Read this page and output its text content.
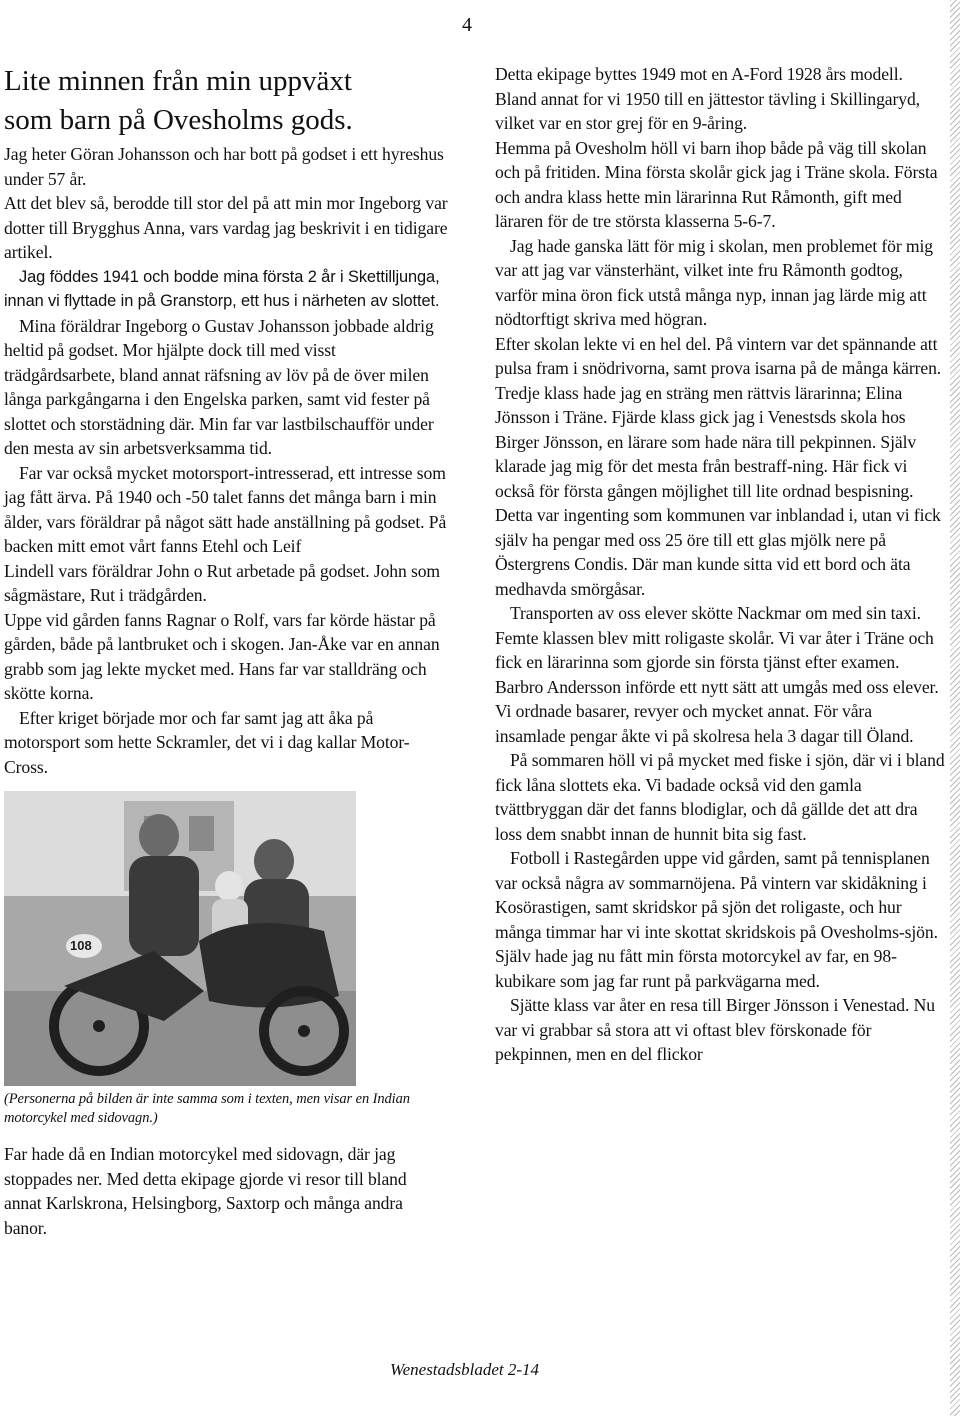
4
Lite minnen från min uppväxt
som barn på Ovesholms gods.

Jag heter Göran Johansson och har bott på godset i ett hyreshus under 57 år.

Att det blev så, berodde till stor del på att min mor Ingeborg var dotter till Brygghus Anna, vars vardag jag beskrivit i en tidigare artikel.

Jag föddes 1941 och bodde mina första 2 år i Skettilljunga, innan vi flyttade in på Granstorp, ett hus i närheten av slottet.

Mina föräldrar Ingeborg o Gustav Johansson jobbade aldrig heltid på godset. Mor hjälpte dock till med visst trädgårdsarbete, bland annat räfsning av löv på de över milen långa parkgångarna i den Engelska parken, samt vid fester på slottet och storstädning där. Min far var lastbilschaufför under den mesta av sin arbetsverksamma tid.

Far var också mycket motorsport-intresserad, ett intresse som jag fått ärva. På 1940 och -50 talet fanns det många barn i min ålder, vars föräldrar på något sätt hade anställning på godset. På backen mitt emot vårt fanns Etehl och Leif

Lindell vars föräldrar John o Rut arbetade på godset. John som sågmästare, Rut i trädgården.

Uppe vid gården fanns Ragnar o Rolf, vars far körde hästar på gården, både på lantbruket och i skogen. Jan-Åke var en annan grabb som jag lekte mycket med. Hans far var stalldräng och skötte korna.

Efter kriget började mor och far samt jag att åka på motorsport som hette Sckramler, det vi i dag kallar Motor-Cross.

108

(Personerna på bilden är inte samma som i texten, men visar en Indian motorcykel med sidovagn.)

Far hade då en Indian motorcykel med sidovagn, där jag stoppades ner. Med detta ekipage gjorde vi resor till bland annat Karlskrona, Helsingborg, Saxtorp och många andra banor.

Detta ekipage byttes 1949 mot en A-Ford 1928 års modell.

Bland annat for vi 1950 till en jättestor tävling i Skillingaryd, vilket var en stor grej för en 9-åring.

Hemma på Ovesholm höll vi barn ihop både på väg till skolan och på fritiden. Mina första skolår gick jag i Träne skola. Första och andra klass hette min lärarinna Rut Råmonth, gift med läraren för de tre största klasserna 5-6-7.

Jag hade ganska lätt för mig i skolan, men problemet för mig var att jag var vänsterhänt, vilket inte fru Råmonth godtog, varför mina öron fick utstå många nyp, innan jag lärde mig att nödtorftigt skriva med högran.

Efter skolan lekte vi en hel del. På vintern var det spännande att pulsa fram i snödrivorna, samt prova isarna på de många kärren. Tredje klass hade jag en sträng men rättvis lärarinna; Elina Jönsson i Träne. Fjärde klass gick jag i Venestsds skola hos Birger Jönsson, en lärare som hade nära till pekpinnen. Själv klarade jag mig för det mesta från bestraff-ning. Här fick vi också för första gången möjlighet till lite ordnad bespisning. Detta var ingenting som kommunen var inblandad i, utan vi fick själv ha pengar med oss 25 öre till ett glas mjölk nere på Östergrens Condis. Där man kunde sitta vid ett bord och äta medhavda smörgåsar.

Transporten av oss elever skötte Nackmar om med sin taxi. Femte klassen blev mitt roligaste skolår. Vi var åter i Träne och fick en lärarinna som gjorde sin första tjänst efter examen. Barbro Andersson införde ett nytt sätt att umgås med oss elever. Vi ordnade basarer, revyer och mycket annat. För våra insamlade pengar åkte vi på skolresa hela 3 dagar till Öland.

På sommaren höll vi på mycket med fiske i sjön, där vi i bland fick låna slottets eka. Vi badade också vid den gamla tvättbryggan där det fanns blodiglar, och då gällde det att dra loss dem snabbt innan de hunnit bita sig fast.

Fotboll i Rastegården uppe vid gården, samt på tennisplanen var också några av sommarnöjena. På vintern var skidåkning i Kosörastigen, samt skridskor på sjön det roligaste, och hur många timmar har vi inte skottat skridskois på Ovesholms-sjön.

Själv hade jag nu fått min första motorcykel av far, en 98-kubikare som jag far runt på parkvägarna med.

Sjätte klass var åter en resa till Birger Jönsson i Venestad. Nu var vi grabbar så stora att vi oftast blev förskonade för pekpinnen, men en del flickor

Wenestadsbladet 2-14
